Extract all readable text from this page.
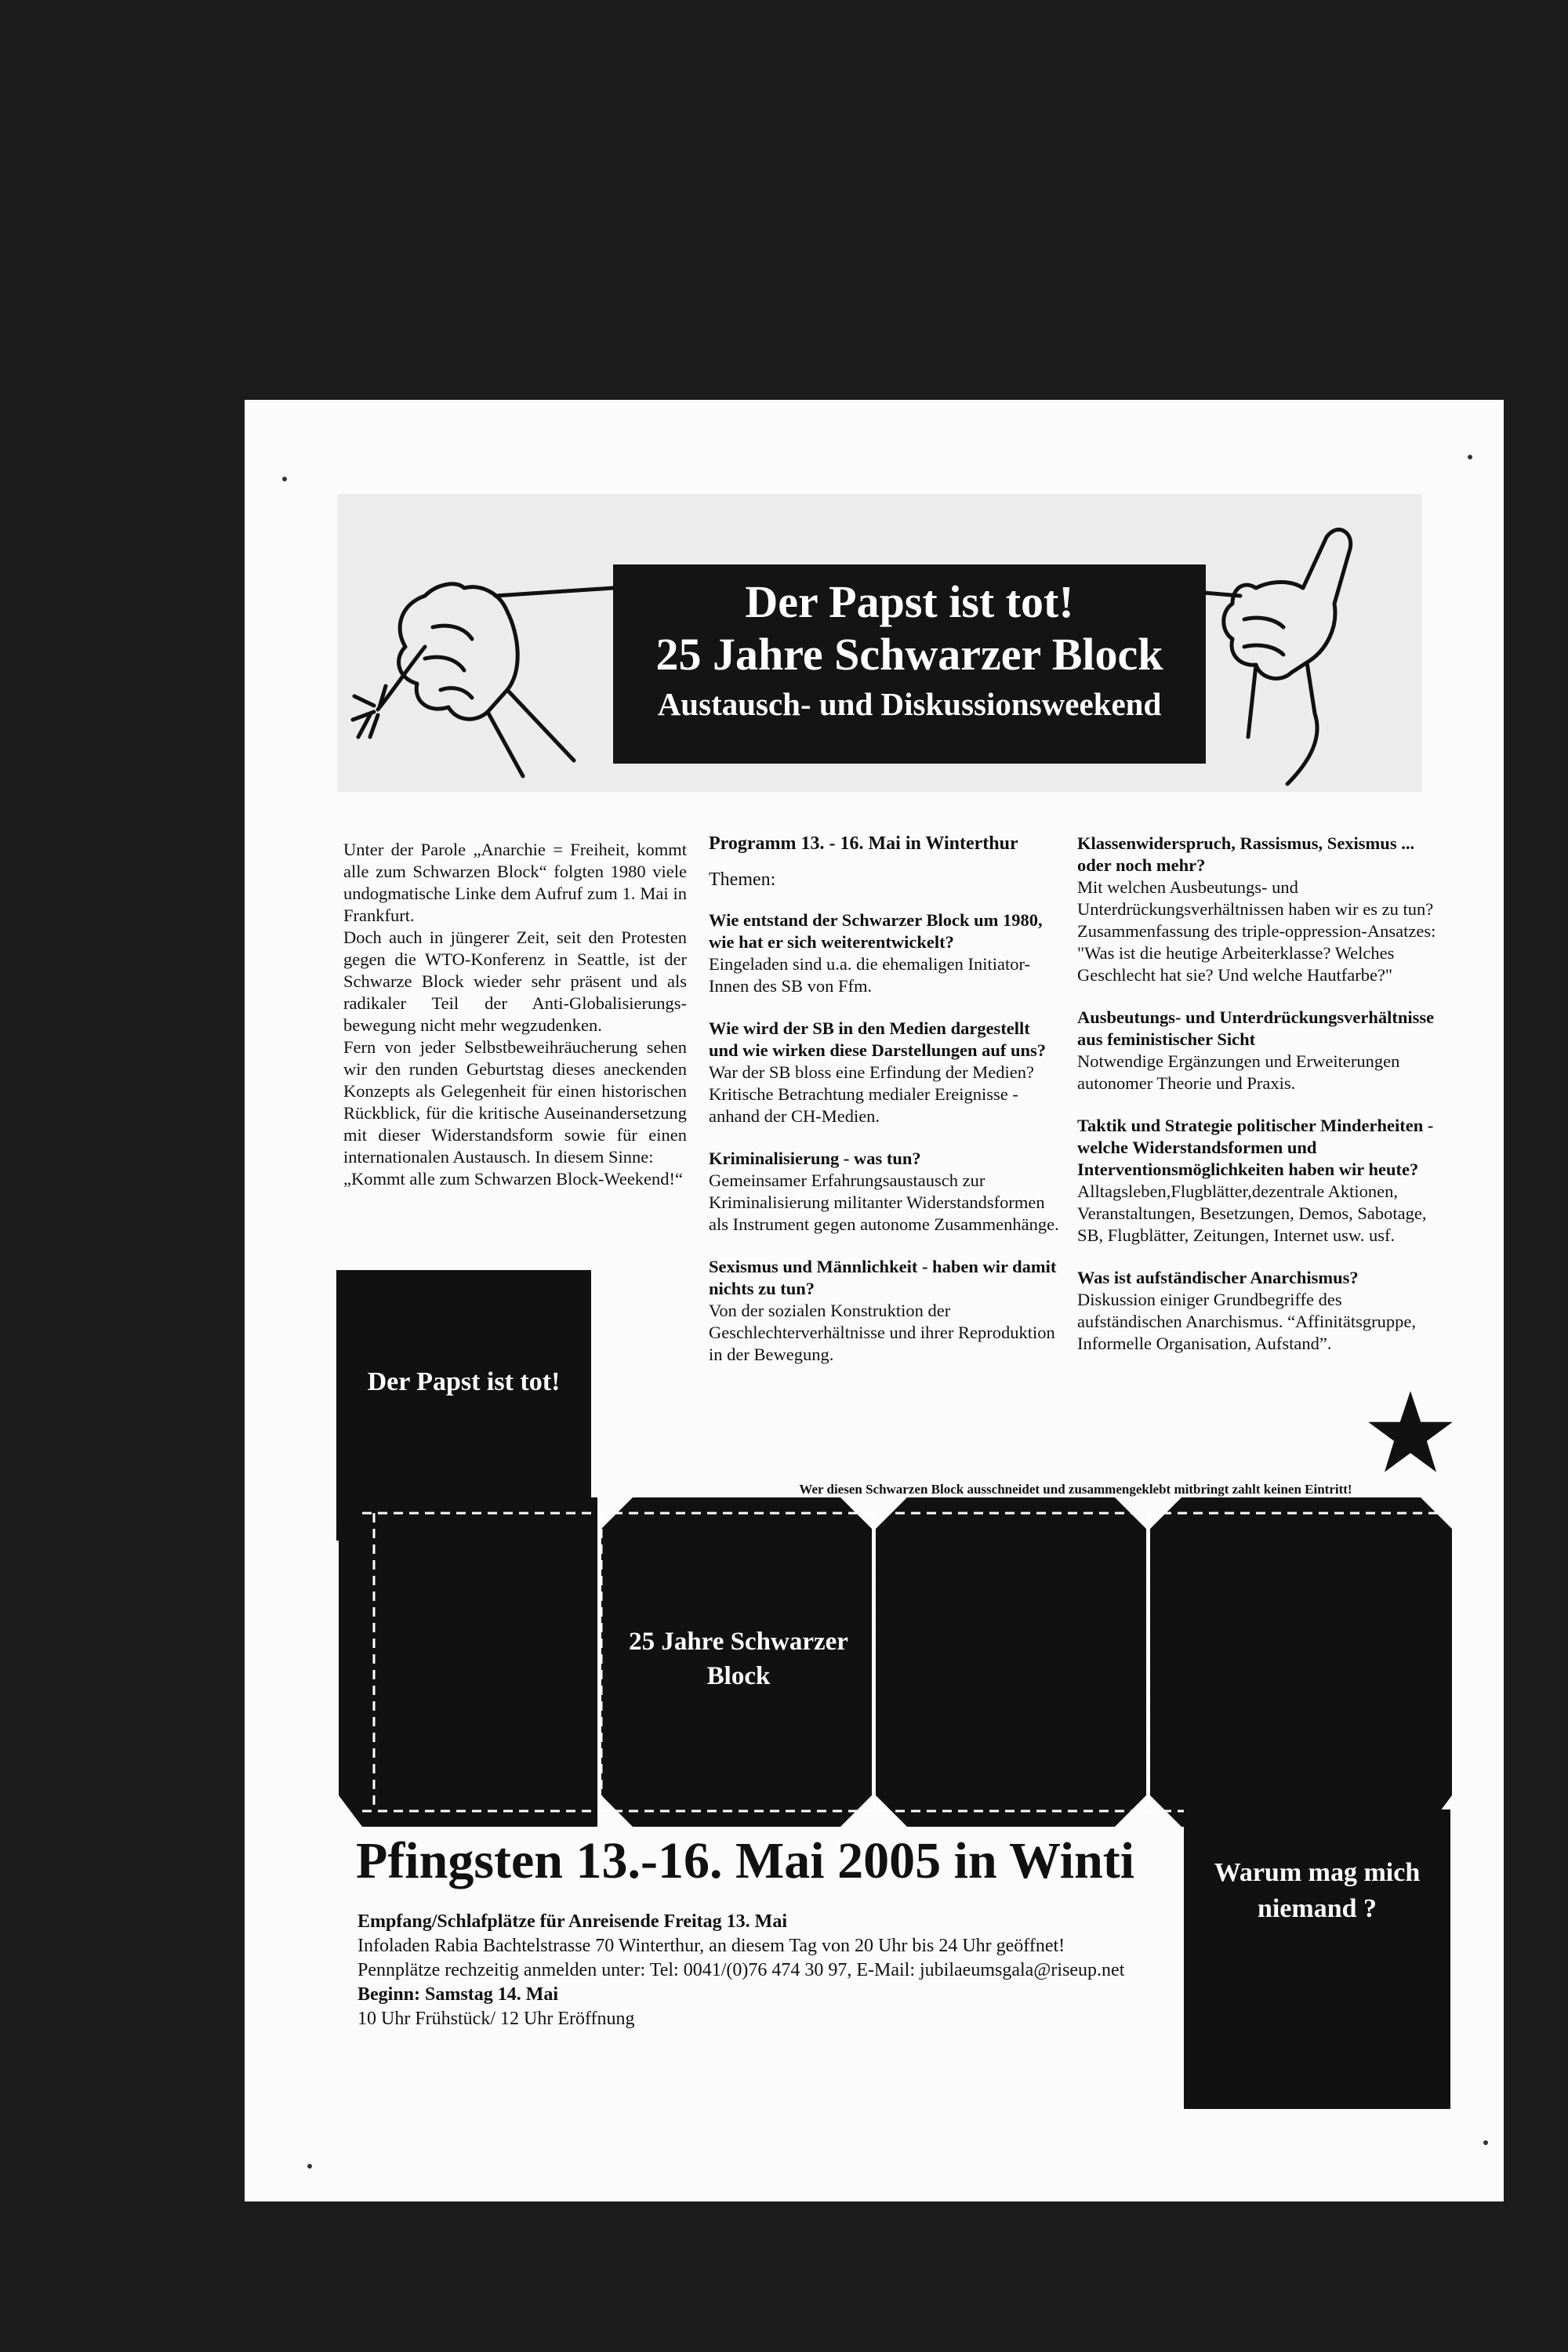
Der Papst ist tot!
25 Jahre Schwarzer Block
Austausch- und Diskussionsweekend

Unter der Parole „Anarchie = Freiheit, kommt alle zum Schwarzen Block“ folgten 1980 viele undogmatische Linke dem Aufruf zum 1. Mai in Frankfurt.

Doch auch in jüngerer Zeit, seit den Protesten gegen die WTO-Konferenz in Seattle, ist der Schwarze Block wieder sehr präsent und als radikaler Teil der Anti-Globalisierungs-bewegung nicht mehr wegzudenken.

Fern von jeder Selbstbeweihräucherung sehen wir den runden Geburtstag dieses aneckenden Konzepts als Gelegenheit für einen historischen Rückblick, für die kritische Auseinandersetzung mit dieser Widerstandsform sowie für einen internationalen Austausch. In diesem Sinne:

„Kommt alle zum Schwarzen Block-Weekend!“

Programm 13. - 16. Mai in Winterthur

Themen:

Wie entstand der Schwarzer Block um 1980, wie hat er sich weiterentwickelt?

Eingeladen sind u.a. die ehemaligen Initiator-Innen des SB von Ffm.

Wie wird der SB in den Medien dargestellt und wie wirken diese Darstellungen auf uns?

War der SB bloss eine Erfindung der Medien? Kritische Betrachtung medialer Ereignisse - anhand der CH-Medien.

Kriminalisierung - was tun?

Gemeinsamer Erfahrungsaustausch zur Kriminalisierung militanter Widerstandsformen als Instrument gegen autonome Zusammenhänge.

Sexismus und Männlichkeit - haben wir damit nichts zu tun?

Von der sozialen Konstruktion der Geschlechterverhältnisse und ihrer Reproduktion in der Bewegung.

Klassenwiderspruch, Rassismus, Sexismus ... oder noch mehr?

Mit welchen Ausbeutungs- und Unterdrückungsverhältnissen haben wir es zu tun? Zusammenfassung des triple-oppression-Ansatzes: "Was ist die heutige Arbeiterklasse? Welches Geschlecht hat sie? Und welche Hautfarbe?"

Ausbeutungs- und Unterdrückungsverhältnisse aus feministischer Sicht

Notwendige Ergänzungen und Erweiterungen autonomer Theorie und Praxis.

Taktik und Strategie politischer Minderheiten - welche Widerstandsformen und Interventionsmöglichkeiten haben wir heute?

Alltagsleben,Flugblätter,dezentrale Aktionen, Veranstaltungen, Besetzungen, Demos, Sabotage, SB, Flugblätter, Zeitungen, Internet usw. usf.

Was ist aufständischer Anarchismus?

Diskussion einiger Grundbegriffe des aufständischen Anarchismus. “Affinitätsgruppe, Informelle Organisation, Aufstand”.

Der Papst ist tot!
Wer diesen Schwarzen Block ausschneidet und zusammengeklebt mitbringt zahlt keinen Eintritt!
25 Jahre Schwarzer Block
Warum mag mich niemand ?
Pfingsten 13.-16. Mai 2005 in Winti
Empfang/Schlafplätze für Anreisende Freitag 13. Mai
Infoladen Rabia Bachtelstrasse 70 Winterthur, an diesem Tag von 20 Uhr bis 24 Uhr geöffnet!
Pennplätze rechzeitig anmelden unter: Tel: 0041/(0)76 474 30 97, E-Mail: jubilaeumsgala@riseup.net
Beginn: Samstag 14. Mai
10 Uhr Frühstück/ 12 Uhr Eröffnung
